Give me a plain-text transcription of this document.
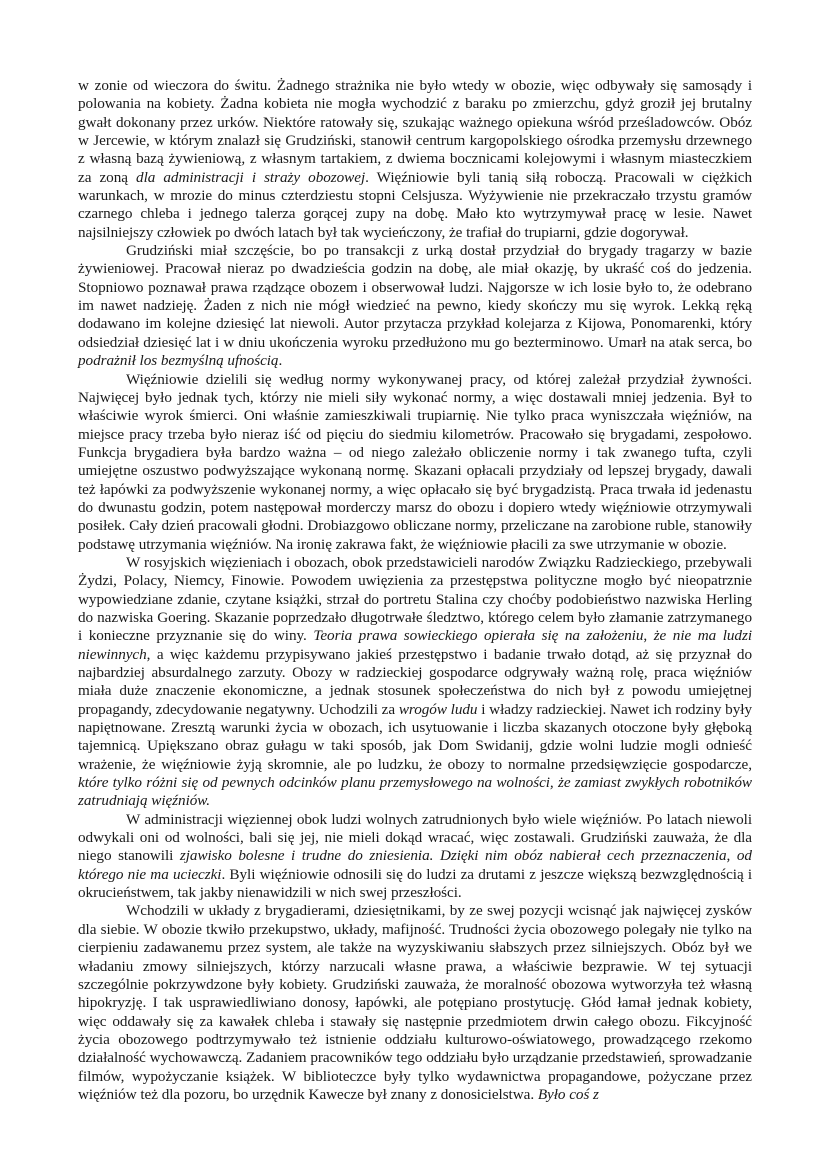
w zonie od wieczora do świtu. Żadnego strażnika nie było wtedy w obozie, więc odbywały się samosądy i polowania na kobiety. Żadna kobieta nie mogła wychodzić z baraku po zmierzchu, gdyż groził jej brutalny gwałt dokonany przez urków. Niektóre ratowały się, szukając ważnego opiekuna wśród prześladowców. Obóz w Jercewie, w którym znalazł się Grudziński, stanowił centrum kargopolskiego ośrodka przemysłu drzewnego z własną bazą żywieniową, z własnym tartakiem, z dwiema bocznicami kolejowymi i własnym miasteczkiem za zoną dla administracji i straży obozowej. Więźniowie byli tanią siłą roboczą. Pracowali w ciężkich warunkach, w mrozie do minus czterdziestu stopni Celsjusza. Wyżywienie nie przekraczało trzystu gramów czarnego chleba i jednego talerza gorącej zupy na dobę. Mało kto wytrzymywał pracę w lesie. Nawet najsilniejszy człowiek po dwóch latach był tak wycieńczony, że trafiał do trupiarni, gdzie dogorywał.

Grudziński miał szczęście, bo po transakcji z urką dostał przydział do brygady tragarzy w bazie żywieniowej. Pracował nieraz po dwadzieścia godzin na dobę, ale miał okazję, by ukraść coś do jedzenia. Stopniowo poznawał prawa rządzące obozem i obserwował ludzi. Najgorsze w ich losie było to, że odebrano im nawet nadzieję. Żaden z nich nie mógł wiedzieć na pewno, kiedy skończy mu się wyrok. Lekką ręką dodawano im kolejne dziesięć lat niewoli. Autor przytacza przykład kolejarza z Kijowa, Ponomarenki, który odsiedział dziesięć lat i w dniu ukończenia wyroku przedłużono mu go bezterminowo. Umarł na atak serca, bo podrażnił los bezmyślną ufnością.

Więźniowie dzielili się według normy wykonywanej pracy, od której zależał przydział żywności. Najwięcej było jednak tych, którzy nie mieli siły wykonać normy, a więc dostawali mniej jedzenia. Był to właściwie wyrok śmierci. Oni właśnie zamieszkiwali trupiarnię. Nie tylko praca wyniszczała więźniów, na miejsce pracy trzeba było nieraz iść od pięciu do siedmiu kilometrów. Pracowało się brygadami, zespołowo. Funkcja brygadiera była bardzo ważna – od niego zależało obliczenie normy i tak zwanego tufta, czyli umiejętne oszustwo podwyższające wykonaną normę. Skazani opłacali przydziały od lepszej brygady, dawali też łapówki za podwyższenie wykonanej normy, a więc opłacało się być brygadzistą. Praca trwała id jedenastu do dwunastu godzin, potem następował morderczy marsz do obozu i dopiero wtedy więźniowie otrzymywali posiłek. Cały dzień pracowali głodni. Drobiazgowo obliczane normy, przeliczane na zarobione ruble, stanowiły podstawę utrzymania więźniów. Na ironię zakrawa fakt, że więźniowie płacili za swe utrzymanie w obozie.

W rosyjskich więzieniach i obozach, obok przedstawicieli narodów Związku Radzieckiego, przebywali Żydzi, Polacy, Niemcy, Finowie. Powodem uwięzienia za przestępstwa polityczne mogło być nieopatrznie wypowiedziane zdanie, czytane książki, strzał do portretu Stalina czy choćby podobieństwo nazwiska Herling do nazwiska Goering. Skazanie poprzedzało długotrwałe śledztwo, którego celem było złamanie zatrzymanego i konieczne przyznanie się do winy. Teoria prawa sowieckiego opierała się na założeniu, że nie ma ludzi niewinnych, a więc każdemu przypisywano jakieś przestępstwo i badanie trwało dotąd, aż się przyznał do najbardziej absurdalnego zarzuty. Obozy w radzieckiej gospodarce odgrywały ważną rolę, praca więźniów miała duże znaczenie ekonomiczne, a jednak stosunek społeczeństwa do nich był z powodu umiejętnej propagandy, zdecydowanie negatywny. Uchodzili za wrogów ludu i władzy radzieckiej. Nawet ich rodziny były napiętnowane. Zresztą warunki życia w obozach, ich usytuowanie i liczba skazanych otoczone były głęboką tajemnicą. Upiększano obraz gułagu w taki sposób, jak Dom Swidanij, gdzie wolni ludzie mogli odnieść wrażenie, że więźniowie żyją skromnie, ale po ludzku, że obozy to normalne przedsięwzięcie gospodarcze, które tylko różni się od pewnych odcinków planu przemysłowego na wolności, że zamiast zwykłych robotników zatrudniają więźniów.

W administracji więziennej obok ludzi wolnych zatrudnionych było wiele więźniów. Po latach niewoli odwykali oni od wolności, bali się jej, nie mieli dokąd wracać, więc zostawali. Grudziński zauważa, że dla niego stanowili zjawisko bolesne i trudne do zniesienia. Dzięki nim obóz nabierał cech przeznaczenia, od którego nie ma ucieczki. Byli więźniowie odnosili się do ludzi za drutami z jeszcze większą bezwzględnością i okrucieństwem, tak jakby nienawidzili w nich swej przeszłości.

Wchodzili w układy z brygadierami, dziesiętnikami, by ze swej pozycji wcisnąć jak najwięcej zysków dla siebie. W obozie tkwiło przekupstwo, układy, mafijność. Trudności życia obozowego polegały nie tylko na cierpieniu zadawanemu przez system, ale także na wyzyskiwaniu słabszych przez silniejszych. Obóz był we władaniu zmowy silniejszych, którzy narzucali własne prawa, a właściwie bezprawie. W tej sytuacji szczególnie pokrzywdzone były kobiety. Grudziński zauważa, że moralność obozowa wytworzyła też własną hipokryzję. I tak usprawiedliwiano donosy, łapówki, ale potępiano prostytucję. Głód łamał jednak kobiety, więc oddawały się za kawałek chleba i stawały się następnie przedmiotem drwin całego obozu. Fikcyjność życia obozowego podtrzymywało też istnienie oddziału kulturowo-oświatowego, prowadzącego rzekomo działalność wychowawczą. Zadaniem pracowników tego oddziału było urządzanie przedstawień, sprowadzanie filmów, wypożyczanie książek. W biblioteczce były tylko wydawnictwa propagandowe, pożyczane przez więźniów też dla pozoru, bo urzędnik Kawecze był znany z donosicielstwa. Było coś z
